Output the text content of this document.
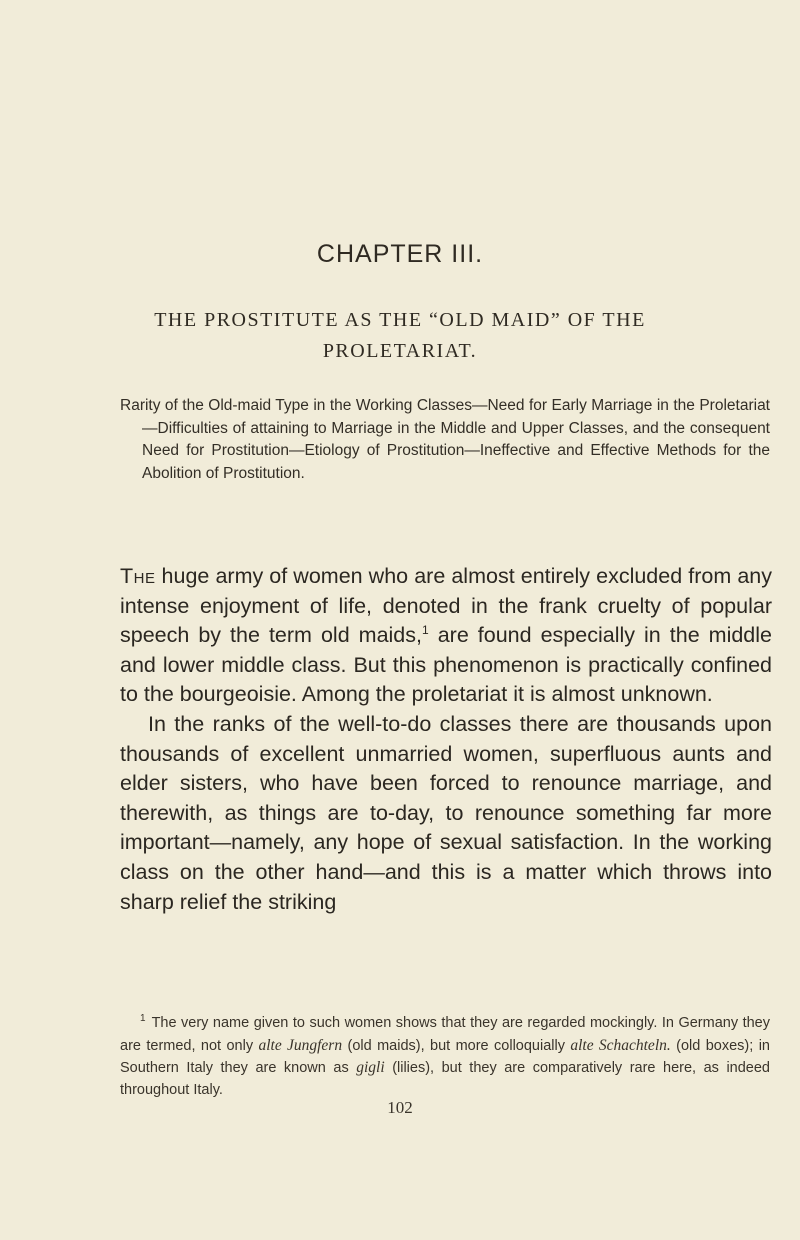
CHAPTER III.
THE PROSTITUTE AS THE “OLD MAID” OF THE
PROLETARIAT.

Rarity of the Old-maid Type in the Working Classes—Need for Early Marriage in the Proletariat—Difficulties of attaining to Marriage in the Middle and Upper Classes, and the consequent Need for Prostitution—Etiology of Prostitution—Ineffective and Effective Methods for the Abolition of Prostitution.

The huge army of women who are almost entirely excluded from any intense enjoyment of life, denoted in the frank cruelty of popular speech by the term old maids,$^1$ are found especially in the middle and lower middle class. But this phenomenon is practically confined to the bourgeoisie. Among the proletariat it is almost unknown.

In the ranks of the well-to-do classes there are thousands upon thousands of excellent unmarried women, superfluous aunts and elder sisters, who have been forced to renounce marriage, and therewith, as things are to-day, to renounce something far more important—namely, any hope of sexual satisfaction. In the working class on the other hand—and this is a matter which throws into sharp relief the striking

$^1$ The very name given to such women shows that they are regarded mockingly. In Germany they are termed, not only alte Jungfern (old maids), but more colloquially alte Schachteln. (old boxes); in Southern Italy they are known as gigli (lilies), but they are comparatively rare here, as indeed throughout Italy.

102
